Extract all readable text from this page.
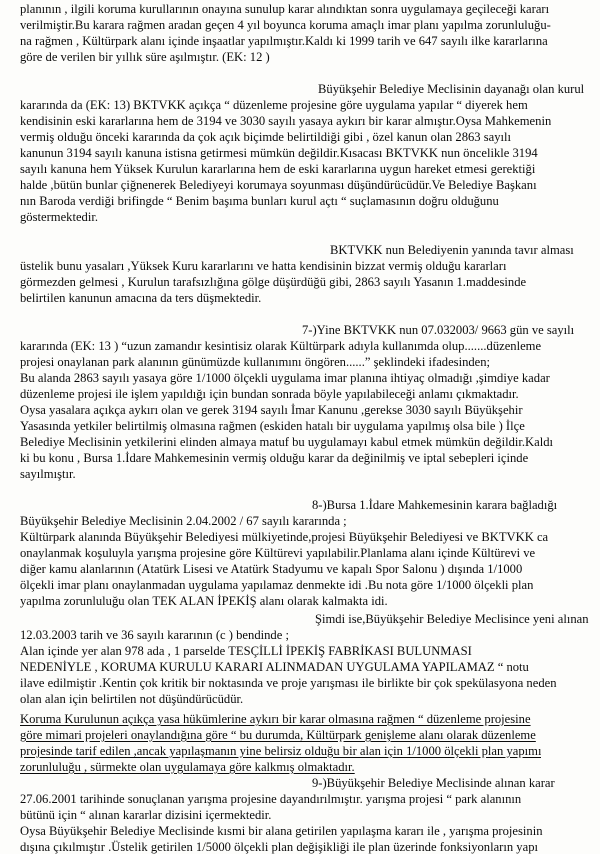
planının , ilgili koruma kurullarının onayına sunulup karar alındıktan sonra uygulamaya geçileceği kararı
verilmiştir.Bu karara rağmen aradan geçen 4 yıl boyunca koruma amaçlı imar planı yapılma zorunluluğu-
na rağmen , Kültürpark alanı içinde inşaatlar yapılmıştır.Kaldı ki 1999 tarih ve 647 sayılı ilke kararlarına
göre de verilen bir yıllık süre aşılmıştır. (EK: 12 )
Büyükşehir Belediye Meclisinin dayanağı olan kurul
kararında da (EK: 13) BKTVKK açıkça “ düzenleme projesine göre uygulama yapılar “ diyerek hem
kendisinin eski kararlarına hem de 3194 ve 3030 sayılı yasaya aykırı bir karar almıştır.Oysa Mahkemenin
vermiş olduğu önceki kararında da çok açık biçimde belirtildiği gibi , özel kanun olan 2863 sayılı
kanunun 3194 sayılı kanuna istisna getirmesi mümkün değildir.Kısacası BKTVKK nun öncelikle 3194
sayılı kanuna hem Yüksek Kurulun kararlarına hem de eski kararlarına uygun hareket etmesi gerektiği
halde ,bütün bunlar çiğnenerek Belediyeyi korumaya soyunması düşündürücüdür.Ve Belediye Başkanı
nın Baroda verdiği brifingde “ Benim başıma bunları kurul açtı “ suçlamasının doğru olduğunu
göstermektedir.
BKTVKK nun Belediyenin yanında tavır alması
üstelik bunu yasaları ,Yüksek Kuru kararlarını ve hatta kendisinin bizzat vermiş olduğu kararları
görmezden gelmesi , Kurulun tarafsızlığına gölge düşürdüğü gibi, 2863 sayılı Yasanın 1.maddesinde
belirtilen kanunun amacına da ters düşmektedir.
7-)Yine BKTVKK nun 07.032003/ 9663 gün ve sayılı
kararında (EK: 13 ) “uzun zamandır kesintisiz olarak Kültürpark adıyla kullanımda olup.......düzenleme
projesi onaylanan park alanının günümüzde kullanımını öngören......” şeklindeki ifadesinden;
Bu alanda 2863 sayılı yasaya göre 1/1000 ölçekli uygulama imar planına ihtiyaç olmadığı ,şimdiye kadar
düzenleme projesi ile işlem yapıldığı için bundan sonrada böyle yapılabileceği anlamı çıkmaktadır.
Oysa yasalara açıkça aykırı olan ve gerek 3194 sayılı İmar Kanunu ,gerekse 3030 sayılı Büyükşehir
Yasasında yetkiler belirtilmiş olmasına rağmen (eskiden hatalı bir uygulama yapılmış olsa bile ) İlçe
Belediye Meclisinin yetkilerini elinden almaya matuf bu uygulamayı kabul etmek mümkün değildir.Kaldı
ki bu konu , Bursa 1.İdare Mahkemesinin vermiş olduğu karar da değinilmiş ve iptal sebepleri içinde
sayılmıştır.
8-)Bursa 1.İdare Mahkemesinin karara bağladığı
Büyükşehir Belediye Meclisinin 2.04.2002 / 67 sayılı kararında ;
Kültürpark alanında Büyükşehir Belediyesi mülkiyetinde,projesi Büyükşehir Belediyesi ve BKTVKK ca
onaylanmak koşuluyla yarışma projesine göre Kültürevi yapılabilir.Planlama alanı içinde Kültürevi ve
diğer kamu alanlarının (Atatürk Lisesi ve Atatürk Stadyumu ve kapalı Spor Salonu ) dışında 1/1000
ölçekli imar planı onaylanmadan uygulama yapılamaz denmekte idi .Bu nota göre 1/1000 ölçekli plan
yapılma zorunluluğu olan TEK ALAN İPEKİŞ alanı olarak kalmakta idi.
Şimdi ise,Büyükşehir Belediye Meclisince yeni alınan
12.03.2003 tarih ve 36 sayılı kararının (c ) bendinde ;
Alan içinde yer alan 978 ada , 1 parselde TESÇİLLİ İPEKİŞ FABRİKASI BULUNMASI
NEDENİYLE , KORUMA KURULU KARARI ALINMADAN UYGULAMA YAPILAMAZ “ notu
ilave edilmiştir .Kentin çok kritik bir noktasında ve proje yarışması ile birlikte bir çok spekülasyona neden
olan alan için belirtilen not düşündürücüdür.
Koruma Kurulunun açıkça yasa hükümlerine aykırı bir karar olmasına rağmen “ düzenleme projesine
göre mimari projeleri onaylandığına göre “ bu durumda, Kültürpark genişleme alanı olarak düzenleme
projesinde tarif edilen ,ancak yapılaşmanın yine belirsiz olduğu bir alan için 1/1000 ölçekli plan yapımı
zorunluluğu , sürmekte olan uygulamaya göre kalkmış olmaktadır.
9-)Büyükşehir Belediye Meclisinde alınan karar
27.06.2001 tarihinde sonuçlanan yarışma projesine dayandırılmıştır. yarışma projesi “ park alanının
bütünü için “ alınan kararlar dizisini içermektedir.
Oysa Büyükşehir Belediye Meclisinde kısmi bir alana getirilen yapılaşma kararı ile , yarışma projesinin
dışına çıkılmıştır .Üstelik getirilen 1/5000 ölçekli plan değişikliği ile plan üzerinde fonksiyonların yapı
